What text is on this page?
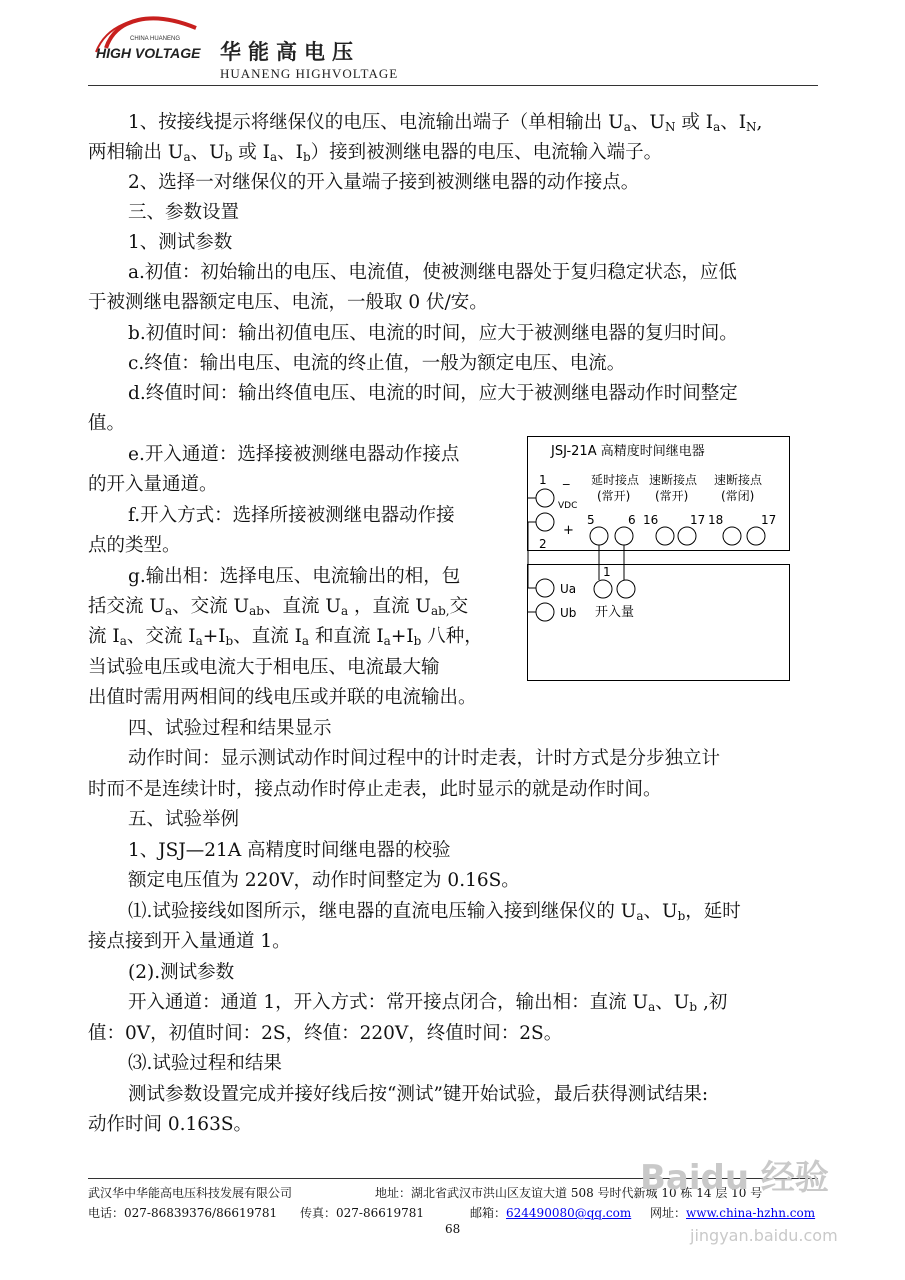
CHINA HUANENG
HIGH VOLTAGE 华能高电压
HUANENG HIGHVOLTAGE
1、按接线提示将继保仪的电压、电流输出端子（单相输出 $U_a$、$U_N$ 或 $I_a$、$I_N$,
两相输出 $U_a$、$U_b$ 或 $I_a$、$I_b$）接到被测继电器的电压、电流输入端子。
2、选择一对继保仪的开入量端子接到被测继电器的动作接点。
三、参数设置
1、测试参数
a.初值：初始输出的电压、电流值，使被测继电器处于复归稳定状态，应低
于被测继电器额定电压、电流，一般取 0 伏/安。
b.初值时间：输出初值电压、电流的时间，应大于被测继电器的复归时间。
c.终值：输出电压、电流的终止值，一般为额定电压、电流。
d.终值时间：输出终值电压、电流的时间，应大于被测继电器动作时间整定
值。
e.开入通道：选择接被测继电器动作接点
的开入量通道。
f.开入方式：选择所接被测继电器动作接
点的类型。
g.输出相：选择电压、电流输出的相，包
括交流 $U_a$、交流 $U_{ab}$、直流 $U_a$ ，直流 $U_{ab,}$交
流 $I_a$、交流 $I_a+I_b$、直流 $I_a$ 和直流 $I_a+I_b$ 八种，
当试验电压或电流大于相电压、电流最大输
出值时需用两相间的线电压或并联的电流输出。
四、试验过程和结果显示
动作时间：显示测试动作时间过程中的计时走表，计时方式是分步独立计
时而不是连续计时，接点动作时停止走表，此时显示的就是动作时间。
五、试验举例
1、JSJ—21A 高精度时间继电器的校验
额定电压值为 220V，动作时间整定为 0.16S。
⑴.试验接线如图所示，继电器的直流电压输入接到继保仪的 $U_a$、$U_b$，延时
接点接到开入量通道 1。
(2).测试参数
开入通道：通道 1，开入方式：常开接点闭合，输出相：直流 $U_a$、$U_b$ ,初
值：0V，初值时间：2S，终值：220V，终值时间：2S。
⑶.试验过程和结果
测试参数设置完成并接好线后按“测试”键开始试验，最后获得测试结果:
动作时间 0.163S。
JSJ-21A 高精度时间继电器
1 _
VDC
+
2
延时接点
(常开)
速断接点
(常开)
速断接点
(常闭)
5	6 16	17 18	17
Ua
Ub
1
开入量
武汉华中华能高电压科技发展有限公司	地址：湖北省武汉市洪山区友谊大道 508 号时代新城 10 栋 14 层 10 号
电话：027-86839376/86619781 传真：027-86619781	邮箱：624490080@qq.com 网址：www.china-hzhn.com
68
Baidu 经验
jingyan.baidu.com
